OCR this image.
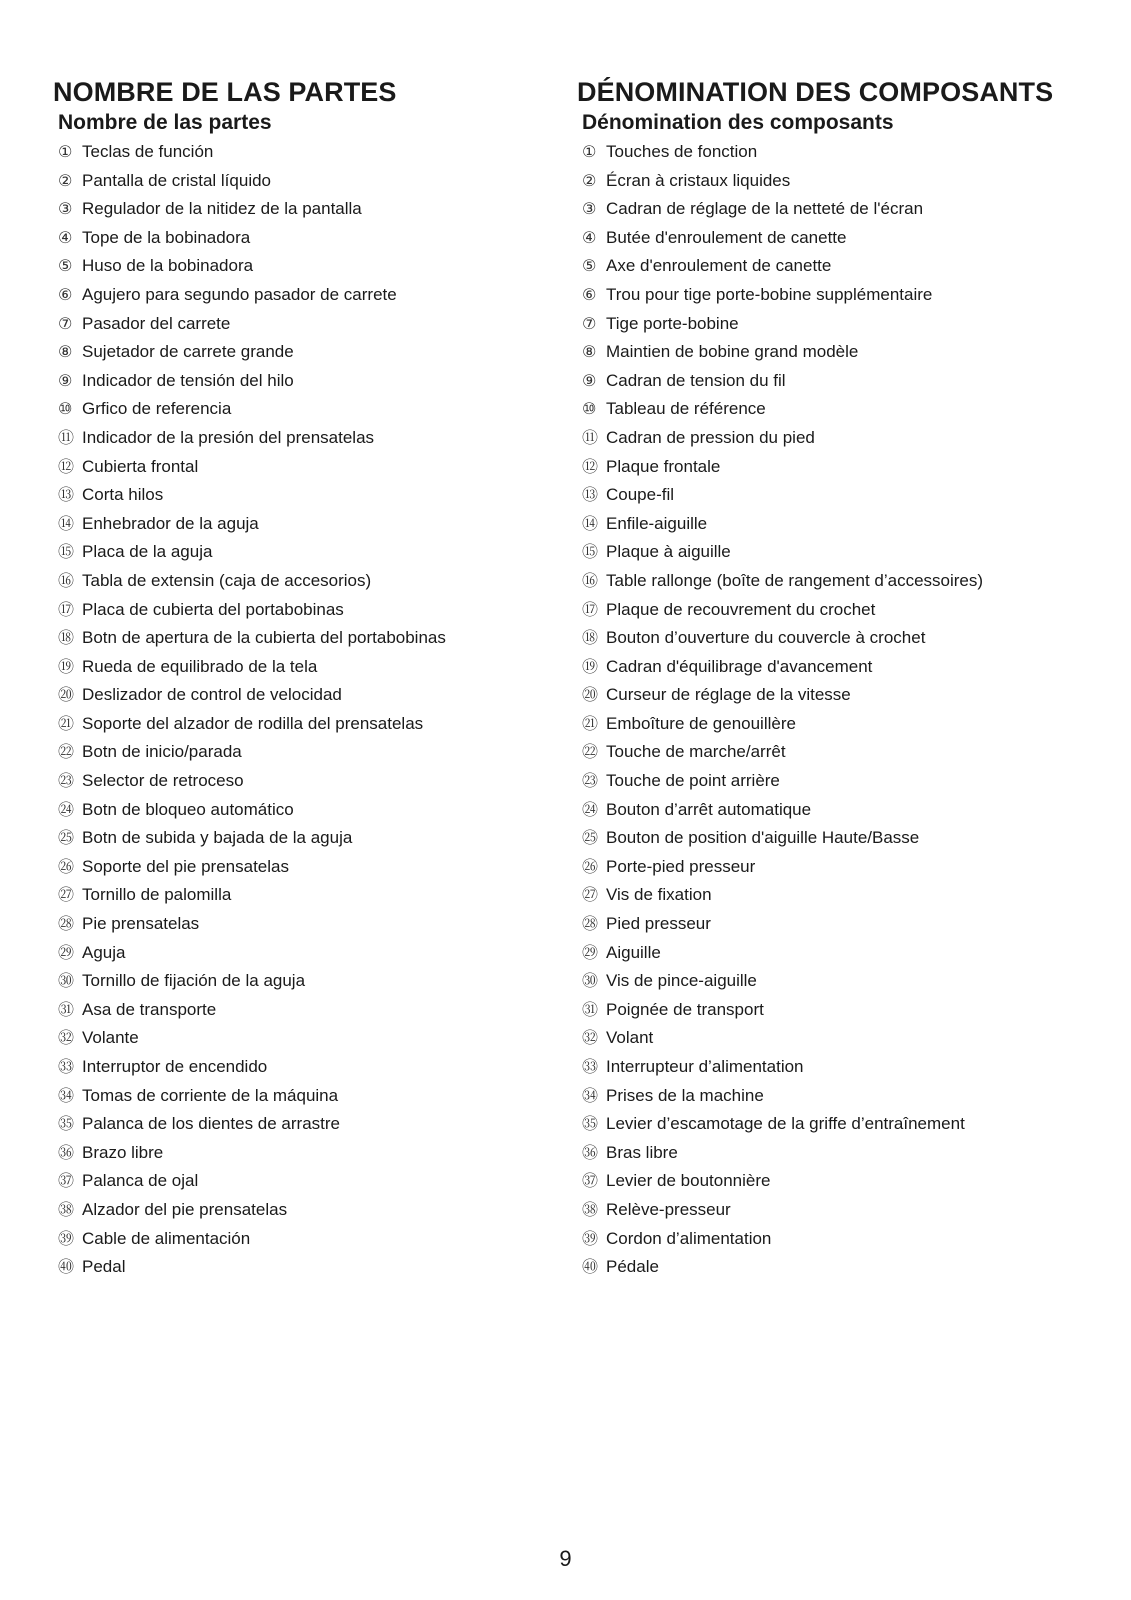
NOMBRE DE LAS PARTES
Nombre de las partes
① Teclas de función
② Pantalla de cristal líquido
③ Regulador de la nitidez de la pantalla
④ Tope de la bobinadora
⑤ Huso de la bobinadora
⑥ Agujero para segundo pasador de carrete
⑦ Pasador del carrete
⑧ Sujetador de carrete grande
⑨ Indicador de tensión del hilo
⑩ Grfico de referencia
⑪ Indicador de la presión del prensatelas
⑫ Cubierta frontal
⑬ Corta hilos
⑭ Enhebrador de la aguja
⑮ Placa de la aguja
⑯ Tabla de extensin (caja de accesorios)
⑰ Placa de cubierta del portabobinas
⑱ Botn de apertura de la cubierta del portabobinas
⑲ Rueda de equilibrado de la tela
⑳ Deslizador de control de velocidad
㉑ Soporte del alzador de rodilla del prensatelas
㉒ Botn de inicio/parada
㉓ Selector de retroceso
㉔ Botn de bloqueo automático
㉕ Botn de subida y bajada de la aguja
㉖ Soporte del pie prensatelas
㉗ Tornillo de palomilla
㉘ Pie prensatelas
㉙ Aguja
㉚ Tornillo de fijación de la aguja
㉛ Asa de transporte
㉜ Volante
㉝ Interruptor de encendido
㉞ Tomas de corriente de la máquina
㉟ Palanca de los dientes de arrastre
㊱ Brazo libre
㊲ Palanca de ojal
㊳ Alzador del pie prensatelas
㊴ Cable de alimentación
㊵ Pedal
DÉNOMINATION DES COMPOSANTS
Dénomination des composants
① Touches de fonction
② Écran à cristaux liquides
③ Cadran de réglage de la netteté de l'écran
④ Butée d'enroulement de canette
⑤ Axe d'enroulement de canette
⑥ Trou pour tige porte-bobine supplémentaire
⑦ Tige porte-bobine
⑧ Maintien de bobine grand modèle
⑨ Cadran de tension du fil
⑩ Tableau de référence
⑪ Cadran de pression du pied
⑫ Plaque frontale
⑬ Coupe-fil
⑭ Enfile-aiguille
⑮ Plaque à aiguille
⑯ Table rallonge (boîte de rangement d’accessoires)
⑰ Plaque de recouvrement du crochet
⑱ Bouton d’ouverture du couvercle à crochet
⑲ Cadran d'équilibrage d'avancement
⑳ Curseur de réglage de la vitesse
㉑ Emboîture de genouillère
㉒ Touche de marche/arrêt
㉓ Touche de point arrière
㉔ Bouton d’arrêt automatique
㉕ Bouton de position d'aiguille Haute/Basse
㉖ Porte-pied presseur
㉗ Vis de fixation
㉘ Pied presseur
㉙ Aiguille
㉚ Vis de pince-aiguille
㉛ Poignée de transport
㉜ Volant
㉝ Interrupteur d’alimentation
㉞ Prises de la machine
㉟ Levier d’escamotage de la griffe d’entraînement
㊱ Bras libre
㊲ Levier de boutonnière
㊳ Relève-presseur
㊴ Cordon d’alimentation
㊵ Pédale
9
